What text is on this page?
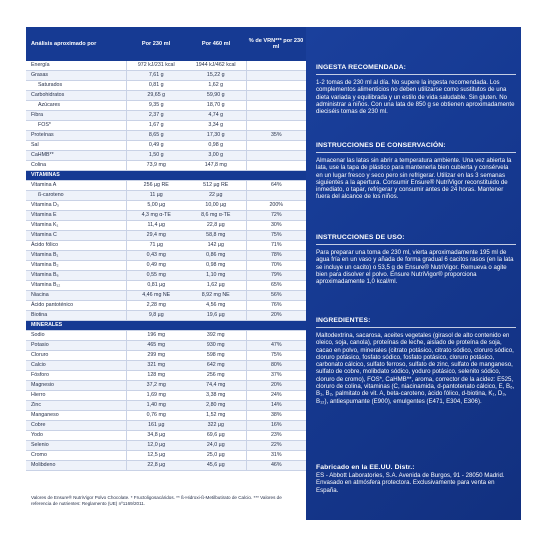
Análisis aproximado por	Por 230 ml	Por 460 ml	% de VRN*** por 230 ml
Energía	972 kJ/231 kcal	1944 kJ/462 kcal	
Grasas	7,61 g	15,22 g	
Saturados	0,81 g	1,62 g	
Carbohidratos	29,65 g	59,90 g	
Azúcares	9,35 g	18,70 g	
Fibra	2,37 g	4,74 g	
FOS*	1,67 g	3,34 g	
Proteínas	8,65 g	17,30 g	35%
Sal	0,49 g	0,98 g	
CaHMB**	1,50 g	3,00 g	
Colina	73,9 mg	147,8 mg	
VITAMINAS			
Vitamina A	256 µg RE	512 µg RE	64%
ß-caroteno	11 µg	22 µg	
Vitamina D₃	5,00 µg	10,00 µg	200%
Vitamina E	4,3 mg α-TE	8,6 mg α-TE	72%
Vitamina K₁	11,4 µg	22,8 µg	30%
Vitamina C	29,4 mg	58,8 mg	75%
Ácido fólico	71 µg	142 µg	71%
Vitamina B₁	0,43 mg	0,86 mg	78%
Vitamina B₂	0,49 mg	0,98 mg	70%
Vitamina B₆	0,55 mg	1,10 mg	79%
Vitamina B₁₂	0,81 µg	1,62 µg	65%
Niacina	4,46 mg NE	8,92 mg NE	56%
Ácido pantoténico	2,28 mg	4,56 mg	76%
Biotina	9,8 µg	19,6 µg	20%
MINERALES			
Sodio	196 mg	392 mg	
Potasio	465 mg	930 mg	47%
Cloruro	299 mg	598 mg	75%
Calcio	321 mg	642 mg	80%
Fósforo	128 mg	256 mg	37%
Magnesio	37,2 mg	74,4 mg	20%
Hierro	1,69 mg	3,38 mg	24%
Zinc	1,40 mg	2,80 mg	14%
Manganeso	0,76 mg	1,52 mg	38%
Cobre	161 µg	322 µg	16%
Yodo	34,8 µg	69,6 µg	23%
Selenio	12,0 µg	24,0 µg	22%
Cromo	12,5 µg	25,0 µg	31%
Molibdeno	22,8 µg	45,6 µg	46%
Valores de Ensure® NutriVigor Polvo Chocolate. * Fructoligosacáridos. ** ß-Hidroxi-ß-Metilbutirato de Calcio. *** Valores de referencia de nutrientes: Reglamento (UE) nº1169/2011.
INGESTA RECOMENDADA:
1-2 tomas de 230 ml al día. No supere la ingesta recomendada. Los complementos alimenticios no deben utilizarse como sustitutos de una dieta variada y equilibrada y un estilo de vida saludable. Sin gluten. No administrar a niños. Con una lata de 850 g se obtienen aproximadamente dieciséis tomas de 230 ml.
INSTRUCCIONES DE CONSERVACIÓN:
Almacenar las latas sin abrir a temperatura ambiente. Una vez abierta la lata, use la tapa de plástico para mantenerla bien cubierta y consérvela en un lugar fresco y seco pero sin refrigerar. Utilizar en las 3 semanas siguientes a la apertura. Consumir Ensure® NutriVigor reconstituido de inmediato, o tapar, refrigerar y consumir antes de 24 horas. Mantener fuera del alcance de los niños.
INSTRUCCIONES DE USO:
Para preparar una toma de 230 ml, vierta aproximadamente 195 ml de agua fría en un vaso y añada de forma gradual 6 cacitos rasos (en la lata se incluye un cacito) o 53,5 g de Ensure® NutriVigor. Remueva o agite bien para disolver el polvo. Ensure NutriVigor® proporciona aproximadamente 1,0 kcal/ml.
INGREDIENTES:
Maltodextrina, sacarosa, aceites vegetales (girasol de alto contenido en oleico, soja, canola), proteínas de leche, aislado de proteína de soja, cacao en polvo, minerales (citrato potásico, citrato sódico, cloruro sódico, cloruro potásico, fosfato sódico, fosfato potásico, cloruro potásico, carbonato cálcico, sulfato ferroso, sulfato de zinc, sulfato de manganeso, sulfato de cobre, molibdato sódico, yoduro potásico, selenito sódico, cloruro de cromo), FOS*, CaHMB**, aroma, corrector de la acidez: E525, cloruro de colina, vitaminas (C, niacinamida, d-pantotenato cálcico, E, B₆, B₁, B₂, palmitato de vit. A, beta-caroteno, ácido fólico, d-biotina, K₁, D₃, B₁₂), antiespumante (E900), emulgentes (E471, E304, E306).
Fabricado en la EE.UU. Distr.:
ES - Abbott Laboratories, S.A. Avenida de Burgos, 91 - 28050 Madrid. Envasado en atmósfera protectora. Exclusivamente para venta en España.
